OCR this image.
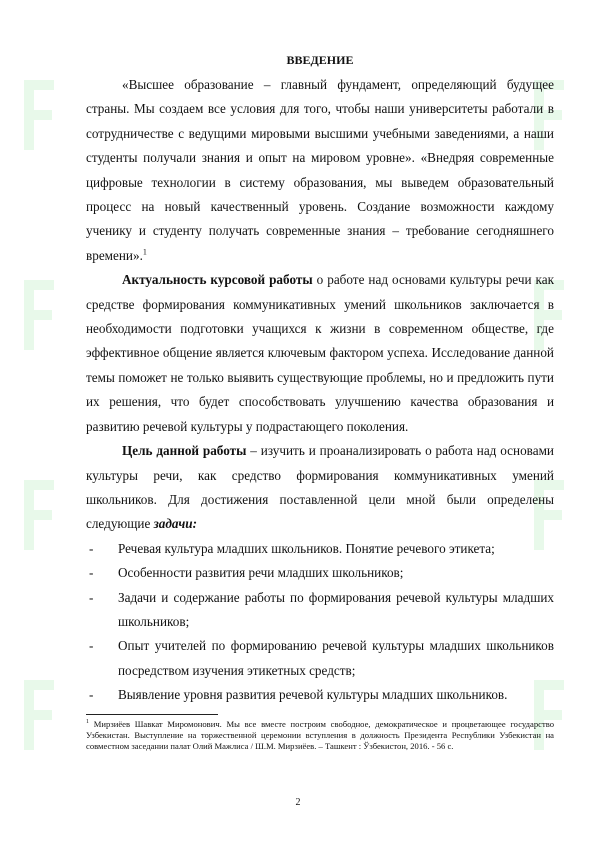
ВВЕДЕНИЕ

«Высшее образование – главный фундамент, определяющий будущее страны. Мы создаем все условия для того, чтобы наши университеты работали в сотрудничестве с ведущими мировыми высшими учебными заведениями, а наши студенты получали знания и опыт на мировом уровне». «Внедряя современные цифровые технологии в систему образования, мы выведем образовательный процесс на новый качественный уровень. Создание возможности каждому ученику и студенту получать современные знания – требование сегодняшнего времени».$^1$

Актуальность курсовой работы о работе над основами культуры речи как средстве формирования коммуникативных умений школьников заключается в необходимости подготовки учащихся к жизни в современном обществе, где эффективное общение является ключевым фактором успеха. Исследование данной темы поможет не только выявить существующие проблемы, но и предложить пути их решения, что будет способствовать улучшению качества образования и развитию речевой культуры у подрастающего поколения.

Цель данной работы – изучить и проанализировать о работа над основами культуры речи, как средство формирования коммуникативных умений школьников. Для достижения поставленной цели мной были определены следующие задачи:

- Речевая культура младших школьников. Понятие речевого этикета;
- Особенности развития речи младших школьников;
- Задачи и содержание работы по формирования речевой культуры младших школьников;
- Опыт учителей по формированию речевой культуры младших школьников посредством изучения этикетных средств;
- Выявление уровня развития речевой культуры младших школьников.

$^1$ Мирзиёев Шавкат Миромонович. Мы все вместе построим свободное, демократическое и процветающее государство Узбекистан. Выступление на торжественной церемонии вступления в должность Президента Республики Узбекистан на совместном заседании палат Олий Мажлиса / Ш.М. Мирзиёев. – Ташкент : Ўзбекистон, 2016. - 56 с.

2
